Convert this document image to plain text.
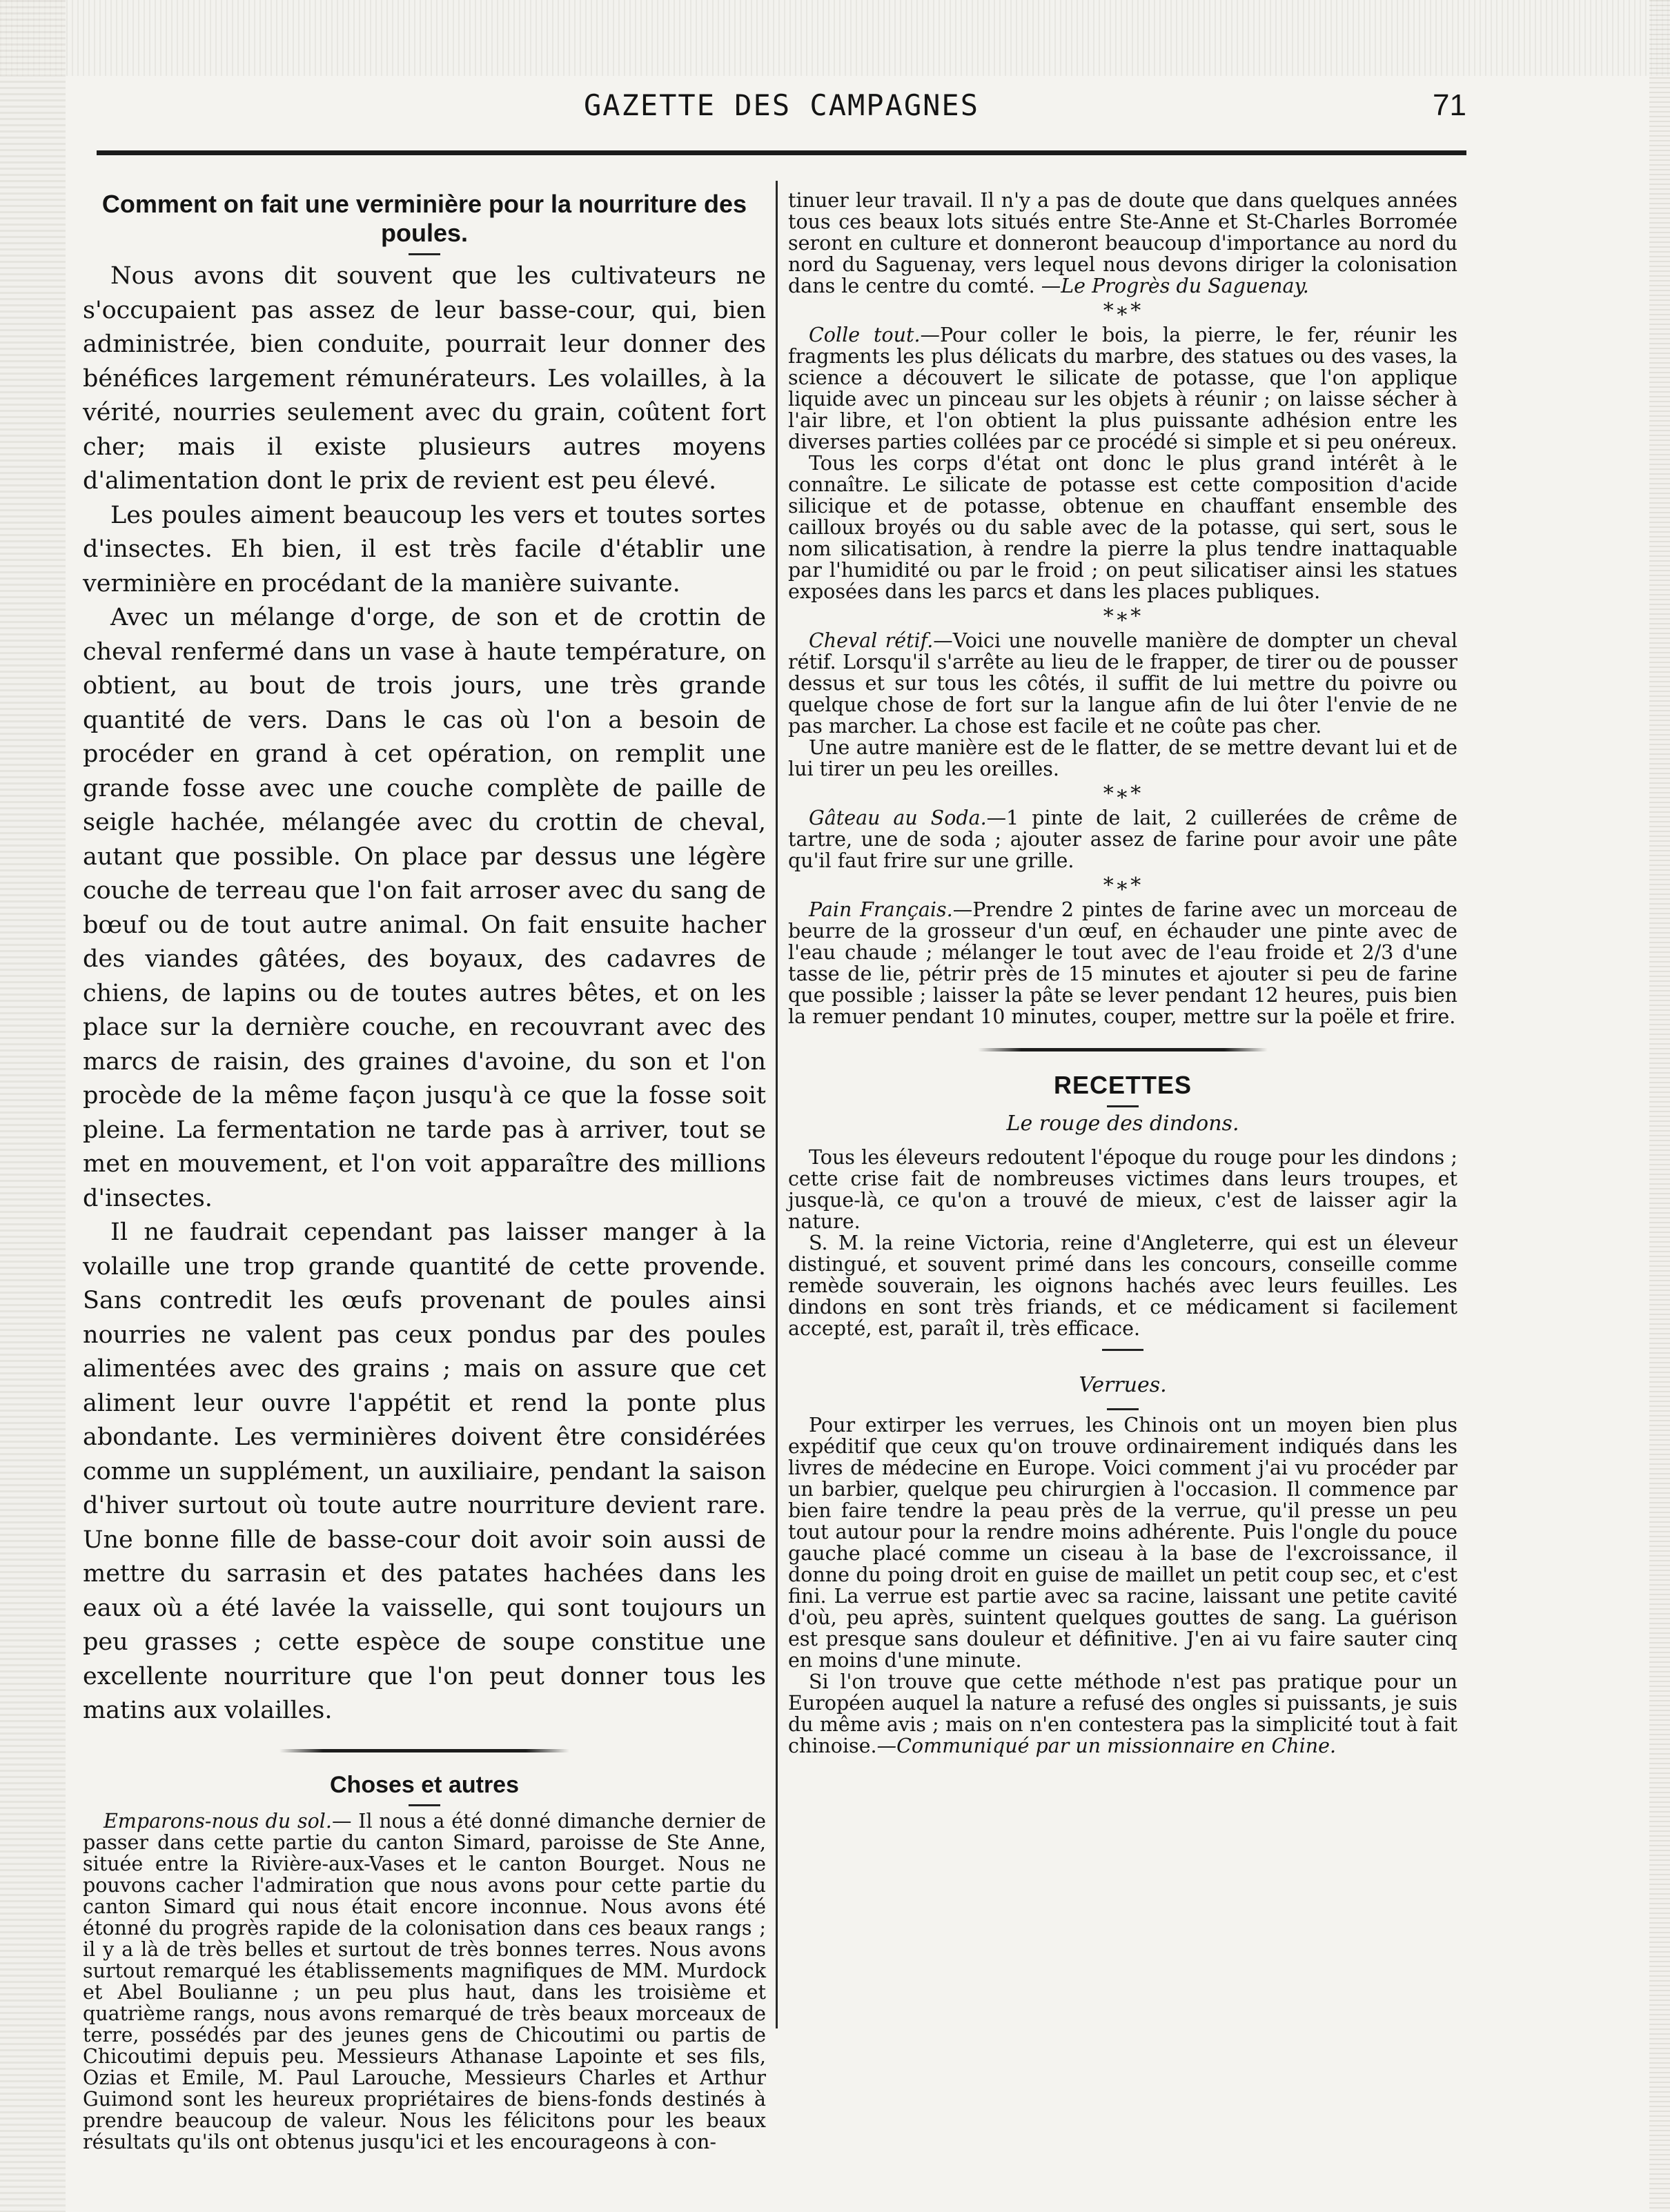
GAZETTE DES CAMPAGNES	71
Comment on fait une verminière pour la nourriture des poules.

Nous avons dit souvent que les cultivateurs ne s'occupaient pas assez de leur basse-cour, qui, bien administrée, bien conduite, pourrait leur donner des bénéfices largement rémunérateurs. Les volailles, à la vérité, nourries seulement avec du grain, coûtent fort cher; mais il existe plusieurs autres moyens d'alimentation dont le prix de revient est peu élevé.

Les poules aiment beaucoup les vers et toutes sortes d'insectes. Eh bien, il est très facile d'établir une verminière en procédant de la manière suivante.

Avec un mélange d'orge, de son et de crottin de cheval renfermé dans un vase à haute température, on obtient, au bout de trois jours, une très grande quantité de vers. Dans le cas où l'on a besoin de procéder en grand à cet opération, on remplit une grande fosse avec une couche complète de paille de seigle hachée, mélangée avec du crottin de cheval, autant que possible. On place par dessus une légère couche de terreau que l'on fait arroser avec du sang de bœuf ou de tout autre animal. On fait ensuite hacher des viandes gâtées, des boyaux, des cadavres de chiens, de lapins ou de toutes autres bêtes, et on les place sur la dernière couche, en recouvrant avec des marcs de raisin, des graines d'avoine, du son et l'on procède de la même façon jusqu'à ce que la fosse soit pleine. La fermentation ne tarde pas à arriver, tout se met en mouvement, et l'on voit apparaître des millions d'insectes.

Il ne faudrait cependant pas laisser manger à la volaille une trop grande quantité de cette provende. Sans contredit les œufs provenant de poules ainsi nourries ne valent pas ceux pondus par des poules alimentées avec des grains ; mais on assure que cet aliment leur ouvre l'appétit et rend la ponte plus abondante. Les verminières doivent être considérées comme un supplément, un auxiliaire, pendant la saison d'hiver surtout où toute autre nourriture devient rare. Une bonne fille de basse-cour doit avoir soin aussi de mettre du sarrasin et des patates hachées dans les eaux où a été lavée la vaisselle, qui sont toujours un peu grasses ; cette espèce de soupe constitue une excellente nourriture que l'on peut donner tous les matins aux volailles.

Choses et autres

Emparons-nous du sol.— Il nous a été donné dimanche dernier de passer dans cette partie du canton Simard, paroisse de Ste Anne, située entre la Rivière-aux-Vases et le canton Bourget. Nous ne pouvons cacher l'admiration que nous avons pour cette partie du canton Simard qui nous était encore inconnue. Nous avons été étonné du progrès rapide de la colonisation dans ces beaux rangs ; il y a là de très belles et surtout de très bonnes terres. Nous avons surtout remarqué les établissements magnifiques de MM. Murdock et Abel Boulianne ; un peu plus haut, dans les troisième et quatrième rangs, nous avons remarqué de très beaux morceaux de terre, possédés par des jeunes gens de Chicoutimi ou partis de Chicoutimi depuis peu. Messieurs Athanase Lapointe et ses fils, Ozias et Emile, M. Paul Larouche, Messieurs Charles et Arthur Guimond sont les heureux propriétaires de biens-fonds destinés à prendre beaucoup de valeur. Nous les félicitons pour les beaux résultats qu'ils ont obtenus jusqu'ici et les encourageons à con-

tinuer leur travail. Il n'y a pas de doute que dans quelques années tous ces beaux lots situés entre Ste-Anne et St-Charles Borromée seront en culture et donneront beaucoup d'importance au nord du nord du Saguenay, vers lequel nous devons diriger la colonisation dans le centre du comté. —Le Progrès du Saguenay.

*∗*

Colle tout.—Pour coller le bois, la pierre, le fer, réunir les fragments les plus délicats du marbre, des statues ou des vases, la science a découvert le silicate de potasse, que l'on applique liquide avec un pinceau sur les objets à réunir ; on laisse sécher à l'air libre, et l'on obtient la plus puissante adhésion entre les diverses parties collées par ce procédé si simple et si peu onéreux.

Tous les corps d'état ont donc le plus grand intérêt à le connaître. Le silicate de potasse est cette composition d'acide silicique et de potasse, obtenue en chauffant ensemble des cailloux broyés ou du sable avec de la potasse, qui sert, sous le nom silicatisation, à rendre la pierre la plus tendre inattaquable par l'humidité ou par le froid ; on peut silicatiser ainsi les statues exposées dans les parcs et dans les places publiques.

*∗*

Cheval rétif.—Voici une nouvelle manière de dompter un cheval rétif. Lorsqu'il s'arrête au lieu de le frapper, de tirer ou de pousser dessus et sur tous les côtés, il suffit de lui mettre du poivre ou quelque chose de fort sur la langue afin de lui ôter l'envie de ne pas marcher. La chose est facile et ne coûte pas cher.

Une autre manière est de le flatter, de se mettre devant lui et de lui tirer un peu les oreilles.

*∗*

Gâteau au Soda.—1 pinte de lait, 2 cuillerées de crême de tartre, une de soda ; ajouter assez de farine pour avoir une pâte qu'il faut frire sur une grille.

*∗*

Pain Français.—Prendre 2 pintes de farine avec un morceau de beurre de la grosseur d'un œuf, en échauder une pinte avec de l'eau chaude ; mélanger le tout avec de l'eau froide et 2/3 d'une tasse de lie, pétrir près de 15 minutes et ajouter si peu de farine que possible ; laisser la pâte se lever pendant 12 heures, puis bien la remuer pendant 10 minutes, couper, mettre sur la poële et frire.

RECETTES
Le rouge des dindons.

Tous les éleveurs redoutent l'époque du rouge pour les dindons ; cette crise fait de nombreuses victimes dans leurs troupes, et jusque-là, ce qu'on a trouvé de mieux, c'est de laisser agir la nature.

S. M. la reine Victoria, reine d'Angleterre, qui est un éleveur distingué, et souvent primé dans les concours, conseille comme remède souverain, les oignons hachés avec leurs feuilles. Les dindons en sont très friands, et ce médicament si facilement accepté, est, paraît il, très efficace.

Verrues.

Pour extirper les verrues, les Chinois ont un moyen bien plus expéditif que ceux qu'on trouve ordinairement indiqués dans les livres de médecine en Europe. Voici comment j'ai vu procéder par un barbier, quelque peu chirurgien à l'occasion. Il commence par bien faire tendre la peau près de la verrue, qu'il presse un peu tout autour pour la rendre moins adhérente. Puis l'ongle du pouce gauche placé comme un ciseau à la base de l'excroissance, il donne du poing droit en guise de maillet un petit coup sec, et c'est fini. La verrue est partie avec sa racine, laissant une petite cavité d'où, peu après, suintent quelques gouttes de sang. La guérison est presque sans douleur et définitive. J'en ai vu faire sauter cinq en moins d'une minute.

Si l'on trouve que cette méthode n'est pas pratique pour un Européen auquel la nature a refusé des ongles si puissants, je suis du même avis ; mais on n'en contestera pas la simplicité tout à fait chinoise.—Communiqué par un missionnaire en Chine.
